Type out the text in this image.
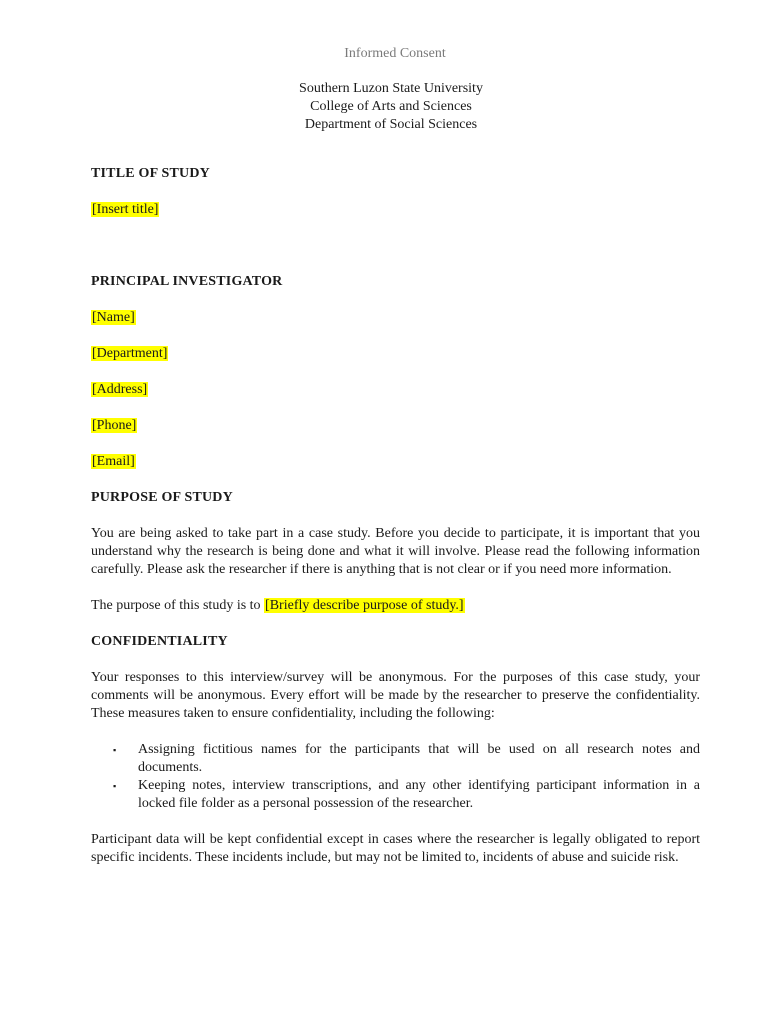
Informed Consent
Southern Luzon State University
College of Arts and Sciences
Department of Social Sciences

TITLE OF STUDY

[Insert title]

PRINCIPAL INVESTIGATOR

[Name]

[Department]

[Address]

[Phone]

[Email]

PURPOSE OF STUDY

You are being asked to take part in a case study. Before you decide to participate, it is important that you understand why the research is being done and what it will involve. Please read the following information carefully. Please ask the researcher if there is anything that is not clear or if you need more information.

The purpose of this study is to [Briefly describe purpose of study.]

CONFIDENTIALITY

Your responses to this interview/survey will be anonymous. For the purposes of this case study, your comments will be anonymous. Every effort will be made by the researcher to preserve the confidentiality. These measures taken to ensure confidentiality, including the following:

▪ Assigning fictitious names for the participants that will be used on all research notes and documents.
▪ Keeping notes, interview transcriptions, and any other identifying participant information in a locked file folder as a personal possession of the researcher.

Participant data will be kept confidential except in cases where the researcher is legally obligated to report specific incidents. These incidents include, but may not be limited to, incidents of abuse and suicide risk.
